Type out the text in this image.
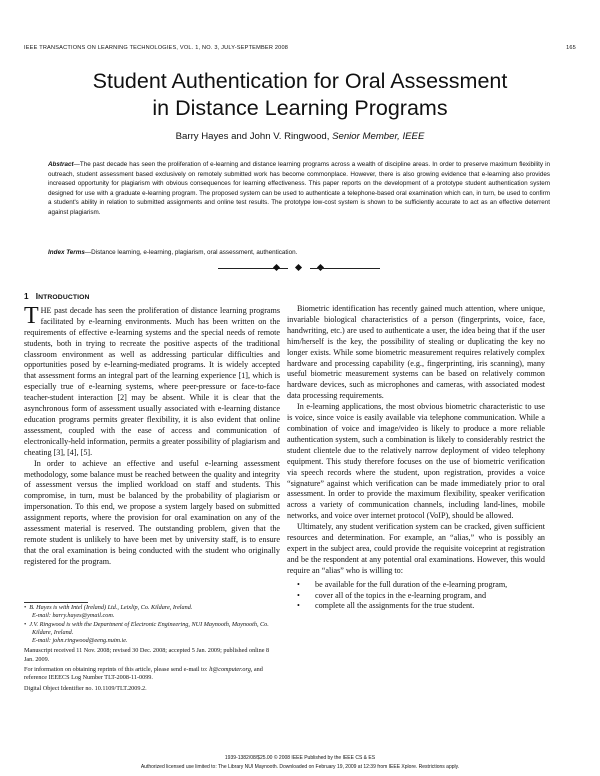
IEEE TRANSACTIONS ON LEARNING TECHNOLOGIES, VOL. 1, NO. 3, JULY-SEPTEMBER 2008	165
Student Authentication for Oral Assessment
in Distance Learning Programs
Barry Hayes and John V. Ringwood, Senior Member, IEEE
Abstract—The past decade has seen the proliferation of e-learning and distance learning programs across a wealth of discipline areas. In order to preserve maximum flexibility in outreach, student assessment based exclusively on remotely submitted work has become commonplace. However, there is also growing evidence that e-learning also provides increased opportunity for plagiarism with obvious consequences for learning effectiveness. This paper reports on the development of a prototype student authentication system designed for use with a graduate e-learning program. The proposed system can be used to authenticate a telephone-based oral examination which can, in turn, be used to confirm a student's ability in relation to submitted assignments and online test results. The prototype low-cost system is shown to be sufficiently accurate to act as an effective deterrent against plagiarism.
Index Terms—Distance learning, e-learning, plagiarism, oral assessment, authentication.
1 INTRODUCTION

THE past decade has seen the proliferation of distance learning programs facilitated by e-learning environments. Much has been written on the requirements of effective e-learning systems and the special needs of remote students, both in trying to recreate the positive aspects of the traditional classroom environment as well as addressing particular difficulties and opportunities posed by e-learning-mediated programs. It is widely accepted that assessment forms an integral part of the learning experience [1], which is especially true of e-learning systems, where peer-pressure or face-to-face teacher-student interaction [2] may be absent. While it is clear that the asynchronous form of assessment usually associated with e-learning distance education programs permits greater flexibility, it is also evident that online assessment, coupled with the ease of access and communication of electronically-held information, permits a greater possibility of plagiarism and cheating [3], [4], [5].

In order to achieve an effective and useful e-learning assessment methodology, some balance must be reached between the quality and integrity of assessment versus the implied workload on staff and students. This compromise, in turn, must be balanced by the probability of plagiarism or impersonation. To this end, we propose a system largely based on submitted assignment reports, where the provision for oral examination on any of the assessment material is reserved. The outstanding problem, given that the remote student is unlikely to have been met by university staff, is to ensure that the oral examination is being conducted with the student who originally registered for the program.

•  B. Hayes is with Intel (Ireland) Ltd., Leixlip, Co. Kildare, Ireland.
E-mail: barry.hayes@ymail.com.
•  J.V. Ringwood is with the Department of Electronic Engineering, NUI Maynooth, Maynooth, Co. Kildare, Ireland.
E-mail: john.ringwood@eeng.nuim.ie.
Manuscript received 11 Nov. 2008; revised 30 Dec. 2008; accepted 5 Jan. 2009; published online 8 Jan. 2009.
For information on obtaining reprints of this article, please send e-mail to: lt@computer.org, and reference IEEECS Log Number TLT-2008-11-0099.
Digital Object Identifier no. 10.1109/TLT.2009.2.

Biometric identification has recently gained much attention, where unique, invariable biological characteristics of a person (fingerprints, voice, face, handwriting, etc.) are used to authenticate a user, the idea being that if the user him/herself is the key, the possibility of stealing or duplicating the key no longer exists. While some biometric measurement requires relatively complex hardware and processing capability (e.g., fingerprinting, iris scanning), many useful biometric measurement systems can be based on relatively common hardware devices, such as microphones and cameras, with associated modest data processing requirements.

In e-learning applications, the most obvious biometric characteristic to use is voice, since voice is easily available via telephone communication. While a combination of voice and image/video is likely to produce a more reliable authentication system, such a combination is likely to considerably restrict the student clientele due to the relatively narrow deployment of video telephony equipment. This study therefore focuses on the use of biometric verification via speech records where the student, upon registration, provides a voice “signature” against which verification can be made immediately prior to oral assessment. In order to provide the maximum flexibility, speaker verification across a variety of communication channels, including land-lines, mobile networks, and voice over internet protocol (VoIP), should be allowed.

Ultimately, any student verification system can be cracked, given sufficient resources and determination. For example, an “alias,” who is possibly an expert in the subject area, could provide the requisite voiceprint at registration and be the respondent at any potential oral examinations. However, this would require an “alias” who is willing to:

• be available for the full duration of the e-learning program,
• cover all of the topics in the e-learning program, and
• complete all the assignments for the true student.
1939-1382/08/$25.00 © 2008 IEEE Published by the IEEE CS & ES
Authorized licensed use limited to: The Library NUI Maynooth. Downloaded on February 19, 2009 at 12:39 from IEEE Xplore. Restrictions apply.
